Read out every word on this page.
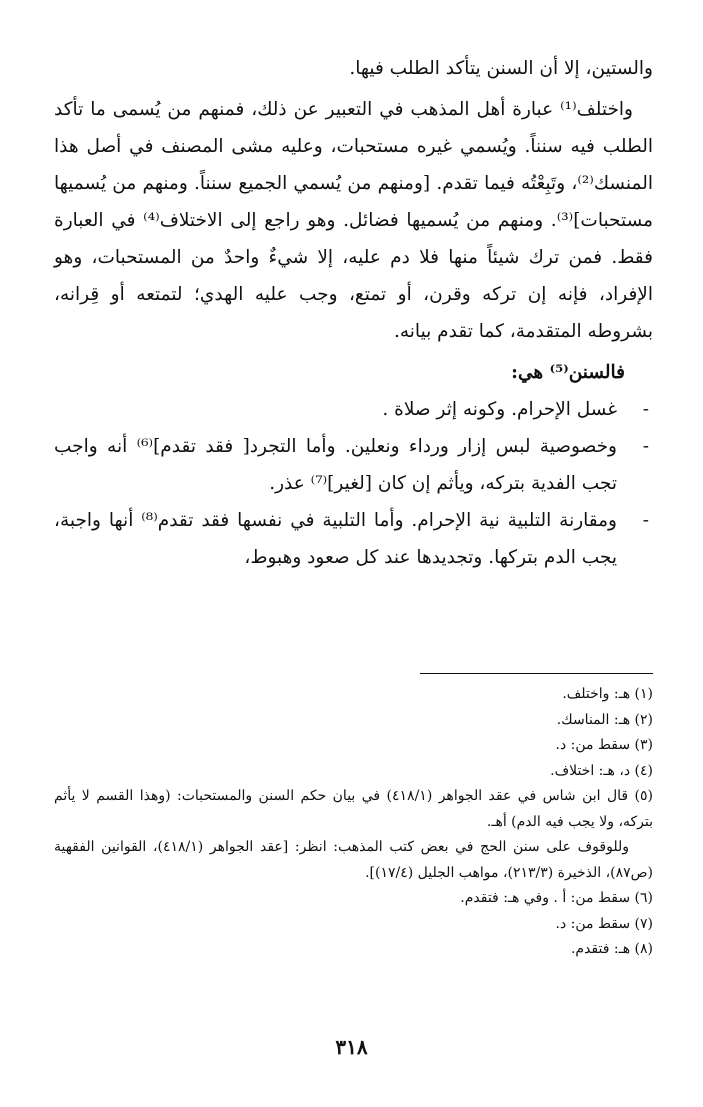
والستين، إلا أن السنن يتأكد الطلب فيها.

واختلف⁽¹⁾ عبارة أهل المذهب في التعبير عن ذلك، فمنهم من يُسمى ما تأكد الطلب فيه سنناً. ويُسمي غيره مستحبات، وعليه مشى المصنف في أصل هذا المنسك⁽²⁾، وتَبِعْتُه فيما تقدم. [ومنهم من يُسمي الجميع سنناً. ومنهم من يُسميها مستحبات]⁽³⁾. ومنهم من يُسميها فضائل. وهو راجع إلى الاختلاف⁽⁴⁾ في العبارة فقط. فمن ترك شيئاً منها فلا دم عليه، إلا شيءٌ واحدٌ من المستحبات، وهو الإفراد، فإنه إن تركه وقرن، أو تمتع، وجب عليه الهدي؛ لتمتعه أو قِرانه، بشروطه المتقدمة، كما تقدم بيانه.

فالسنن⁽⁵⁾ هي:

-
غسل الإحرام. وكونه إثر صلاة .
-
وخصوصية لبس إزار ورداء ونعلين. وأما التجرد[ فقد تقدم]⁽⁶⁾ أنه واجب تجب الفدية بتركه، ويأثم إن كان [لغير]⁽⁷⁾ عذر.
-
ومقارنة التلبية نية الإحرام. وأما التلبية في نفسها فقد تقدم⁽⁸⁾ أنها واجبة، يجب الدم بتركها. وتجديدها عند كل صعود وهبوط،

(١) هـ: واختلف.

(٢) هـ: المناسك.

(٣) سقط من: د.

(٤) د، هـ: اختلاف.

(٥) قال ابن شاس في عقد الجواهر (٤١٨/١) في بيان حكم السنن والمستحبات: (وهذا القسم لا يأثم بتركه، ولا يجب فيه الدم) أهـ.

وللوقوف على سنن الحج في بعض كتب المذهب: انظر: [عقد الجواهر (٤١٨/١)، القوانين الفقهية (ص٨٧)، الذخيرة (٢١٣/٣)، مواهب الجليل (١٧/٤)].

(٦) سقط من: أ . وفي هـ: فتقدم.

(٧) سقط من: د.

(٨) هـ: فتقدم.

٣١٨
